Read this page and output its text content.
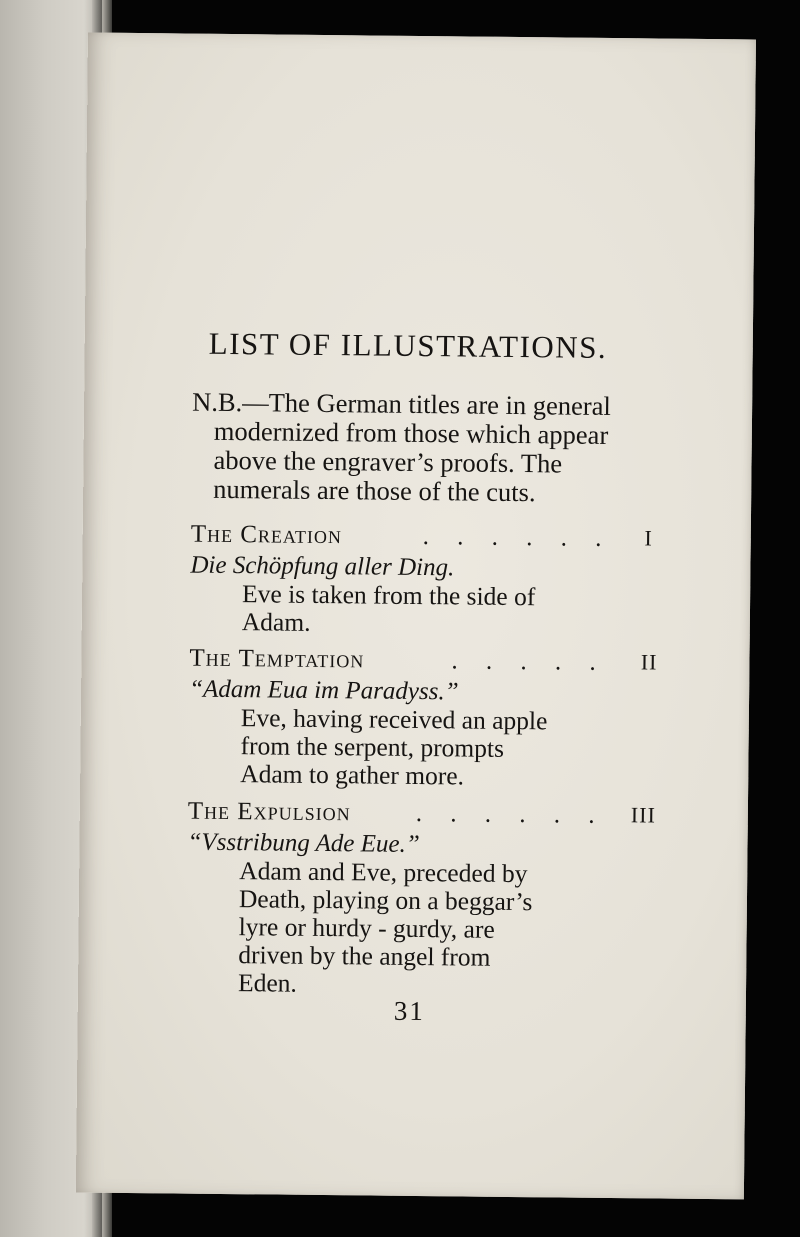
LIST OF ILLUSTRATIONS.
N.B.—The German titles are in general
modernized from those which appear
above the engraver’s proofs. The
numerals are those of the cuts.
The Creation	. . . . . . I
Die Schöpfung aller Ding.
Eve is taken from the side of
Adam.
The Temptation	. . . . . II
“Adam Eua im Paradyss.”
Eve, having received an apple
from the serpent, prompts
Adam to gather more.
The Expulsion	. . . . . . III
“Vsstribung Ade Eue.”
Adam and Eve, preceded by
Death, playing on a beggar’s
lyre or hurdy - gurdy, are
driven by the angel from
Eden.
31
